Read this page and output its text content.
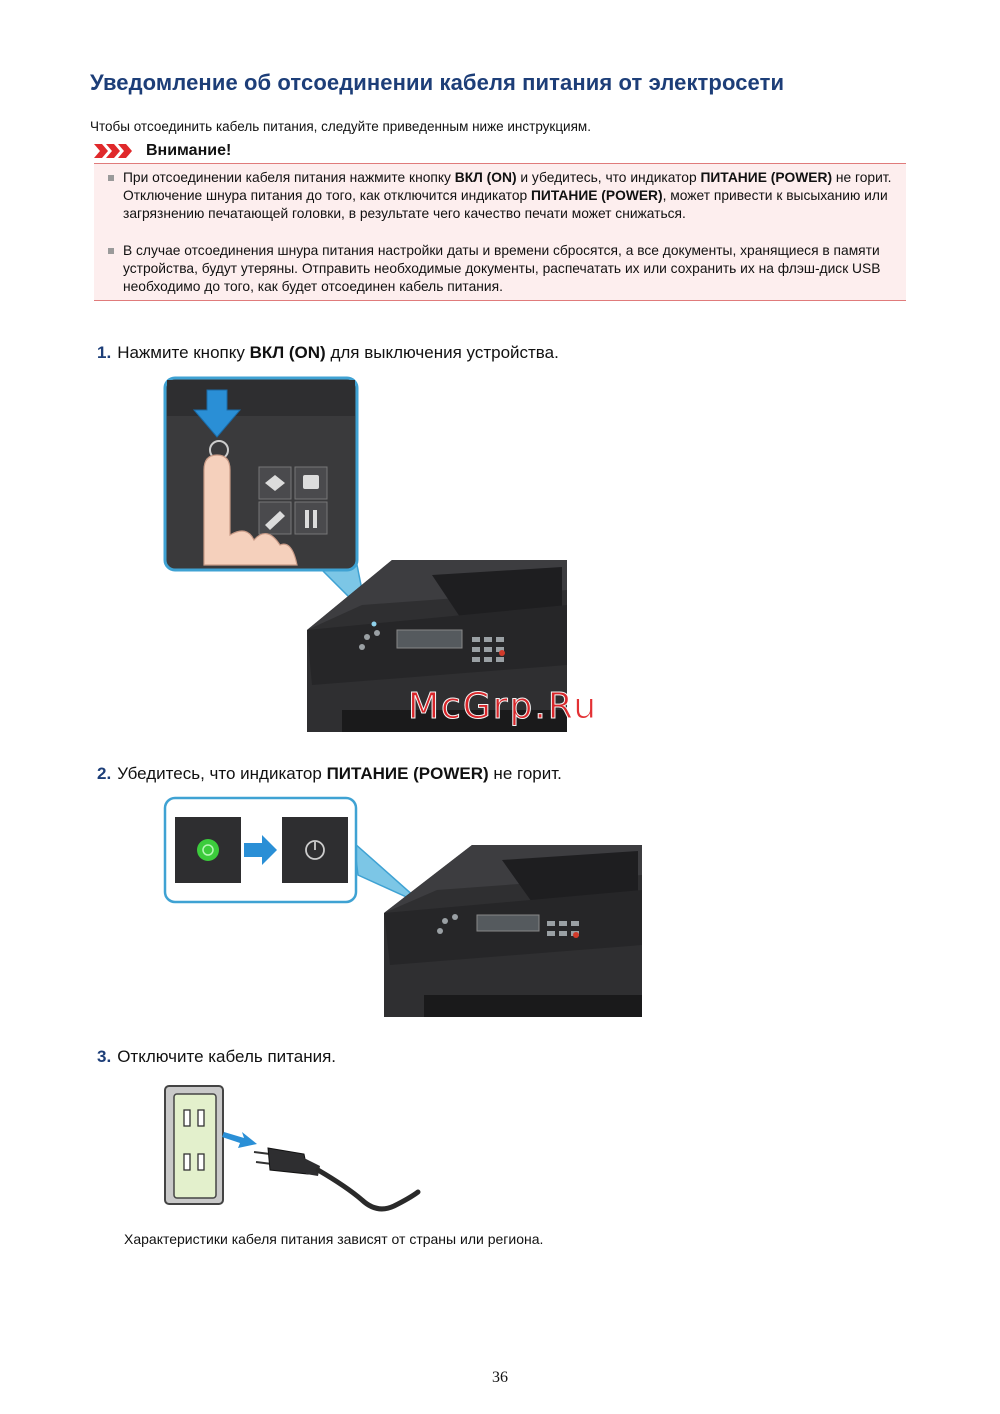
Уведомление об отсоединении кабеля питания от электросети
Чтобы отсоединить кабель питания, следуйте приведенным ниже инструкциям.
Внимание!
При отсоединении кабеля питания нажмите кнопку ВКЛ (ON) и убедитесь, что индикатор ПИТАНИЕ (POWER) не горит. Отключение шнура питания до того, как отключится индикатор ПИТАНИЕ (POWER), может привести к высыханию или загрязнению печатающей головки, в результате чего качество печати может снижаться.
В случае отсоединения шнура питания настройки даты и времени сбросятся, а все документы, хранящиеся в памяти устройства, будут утеряны. Отправить необходимые документы, распечатать их или сохранить их на флэш-диск USB необходимо до того, как будет отсоединен кабель питания.
1. Нажмите кнопку ВКЛ (ON) для выключения устройства.
McGrp.Ru
2. Убедитесь, что индикатор ПИТАНИЕ (POWER) не горит.
3. Отключите кабель питания.
Характеристики кабеля питания зависят от страны или региона.
36
